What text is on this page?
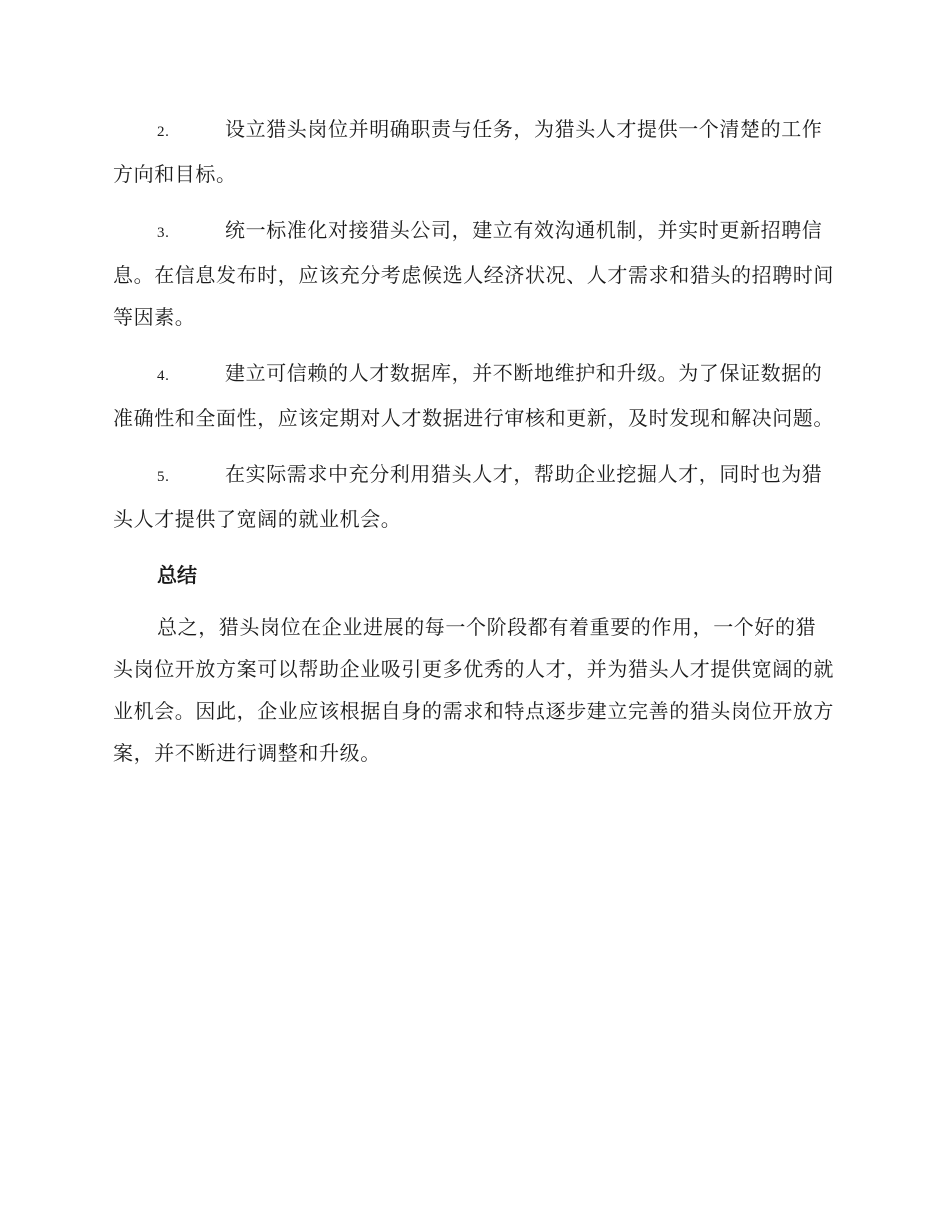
2.	设立猎头岗位并明确职责与任务，为猎头人才提供一个清楚的工作方向和目标。

3.	统一标准化对接猎头公司，建立有效沟通机制，并实时更新招聘信息。在信息发布时，应该充分考虑候选人经济状况、人才需求和猎头的招聘时间等因素。

4.	建立可信赖的人才数据库，并不断地维护和升级。为了保证数据的准确性和全面性，应该定期对人才数据进行审核和更新，及时发现和解决问题。

5.	在实际需求中充分利用猎头人才，帮助企业挖掘人才，同时也为猎头人才提供了宽阔的就业机会。

总结

总之，猎头岗位在企业进展的每一个阶段都有着重要的作用，一个好的猎头岗位开放方案可以帮助企业吸引更多优秀的人才，并为猎头人才提供宽阔的就业机会。因此，企业应该根据自身的需求和特点逐步建立完善的猎头岗位开放方案，并不断进行调整和升级。
